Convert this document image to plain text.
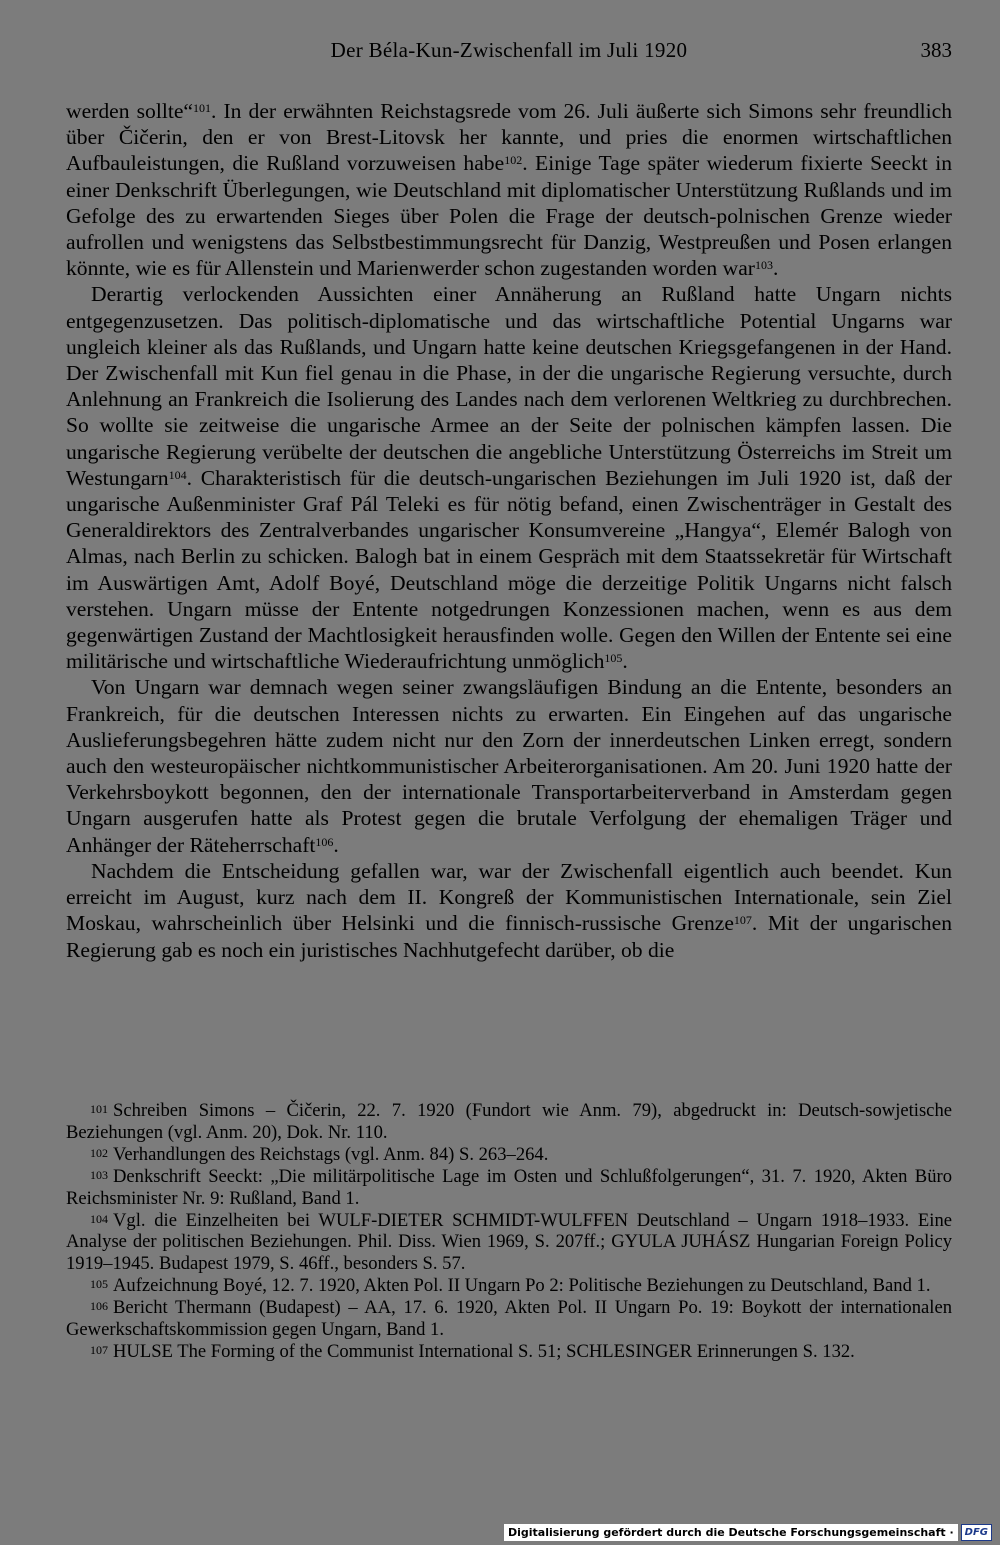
Der Béla-Kun-Zwischenfall im Juli 1920	383

werden sollte“$^{101}$. In der erwähnten Reichstagsrede vom 26. Juli äußerte sich Simons sehr freundlich über Čičerin, den er von Brest-Litovsk her kannte, und pries die enormen wirtschaftlichen Aufbauleistungen, die Rußland vorzuweisen habe$^{102}$. Einige Tage später wiederum fixierte Seeckt in einer Denkschrift Überlegungen, wie Deutschland mit diplomatischer Unterstützung Rußlands und im Gefolge des zu erwartenden Sieges über Polen die Frage der deutsch-polnischen Grenze wieder aufrollen und wenigstens das Selbstbestimmungsrecht für Danzig, Westpreußen und Posen erlangen könnte, wie es für Allenstein und Marienwerder schon zugestanden worden war$^{103}$.

Derartig verlockenden Aussichten einer Annäherung an Rußland hatte Ungarn nichts entgegenzusetzen. Das politisch-diplomatische und das wirtschaftliche Potential Ungarns war ungleich kleiner als das Rußlands, und Ungarn hatte keine deutschen Kriegsgefangenen in der Hand. Der Zwischenfall mit Kun fiel genau in die Phase, in der die ungarische Regierung versuchte, durch Anlehnung an Frankreich die Isolierung des Landes nach dem verlorenen Weltkrieg zu durchbrechen. So wollte sie zeitweise die ungarische Armee an der Seite der polnischen kämpfen lassen. Die ungarische Regierung verübelte der deutschen die angebliche Unterstützung Österreichs im Streit um Westungarn$^{104}$. Charakteristisch für die deutsch-ungarischen Beziehungen im Juli 1920 ist, daß der ungarische Außenminister Graf Pál Teleki es für nötig befand, einen Zwischenträger in Gestalt des Generaldirektors des Zentralverbandes ungarischer Konsumvereine „Hangya“, Elemér Balogh von Almas, nach Berlin zu schicken. Balogh bat in einem Gespräch mit dem Staatssekretär für Wirtschaft im Auswärtigen Amt, Adolf Boyé, Deutschland möge die derzeitige Politik Ungarns nicht falsch verstehen. Ungarn müsse der Entente notgedrungen Konzessionen machen, wenn es aus dem gegenwärtigen Zustand der Machtlosigkeit herausfinden wolle. Gegen den Willen der Entente sei eine militärische und wirtschaftliche Wiederaufrichtung unmöglich$^{105}$.

Von Ungarn war demnach wegen seiner zwangsläufigen Bindung an die Entente, besonders an Frankreich, für die deutschen Interessen nichts zu erwarten. Ein Eingehen auf das ungarische Auslieferungsbegehren hätte zudem nicht nur den Zorn der innerdeutschen Linken erregt, sondern auch den westeuropäischer nichtkommunistischer Arbeiterorganisationen. Am 20. Juni 1920 hatte der Verkehrsboykott begonnen, den der internationale Transportarbeiterverband in Amsterdam gegen Ungarn ausgerufen hatte als Protest gegen die brutale Verfolgung der ehemaligen Träger und Anhänger der Räteherrschaft$^{106}$.

Nachdem die Entscheidung gefallen war, war der Zwischenfall eigentlich auch beendet. Kun erreicht im August, kurz nach dem II. Kongreß der Kommunistischen Internationale, sein Ziel Moskau, wahrscheinlich über Helsinki und die finnisch-russische Grenze$^{107}$. Mit der ungarischen Regierung gab es noch ein juristisches Nachhutgefecht darüber, ob die

$^{101}$ Schreiben Simons – Čičerin, 22. 7. 1920 (Fundort wie Anm. 79), abgedruckt in: Deutsch-sowjetische Beziehungen (vgl. Anm. 20), Dok. Nr. 110.

$^{102}$ Verhandlungen des Reichstags (vgl. Anm. 84) S. 263–264.

$^{103}$ Denkschrift Seeckt: „Die militärpolitische Lage im Osten und Schlußfolgerungen“, 31. 7. 1920, Akten Büro Reichsminister Nr. 9: Rußland, Band 1.

$^{104}$ Vgl. die Einzelheiten bei WULF-DIETER SCHMIDT-WULFFEN Deutschland – Ungarn 1918–1933. Eine Analyse der politischen Beziehungen. Phil. Diss. Wien 1969, S. 207ff.; GYULA JUHÁSZ Hungarian Foreign Policy 1919–1945. Budapest 1979, S. 46ff., besonders S. 57.

$^{105}$ Aufzeichnung Boyé, 12. 7. 1920, Akten Pol. II Ungarn Po 2: Politische Beziehungen zu Deutschland, Band 1.

$^{106}$ Bericht Thermann (Budapest) – AA, 17. 6. 1920, Akten Pol. II Ungarn Po. 19: Boykott der internationalen Gewerkschaftskommission gegen Ungarn, Band 1.

$^{107}$ HULSE The Forming of the Communist International S. 51; SCHLESINGER Erinnerungen S. 132.

Digitalisierung gefördert durch die Deutsche Forschungsgemeinschaft ·	DFG
